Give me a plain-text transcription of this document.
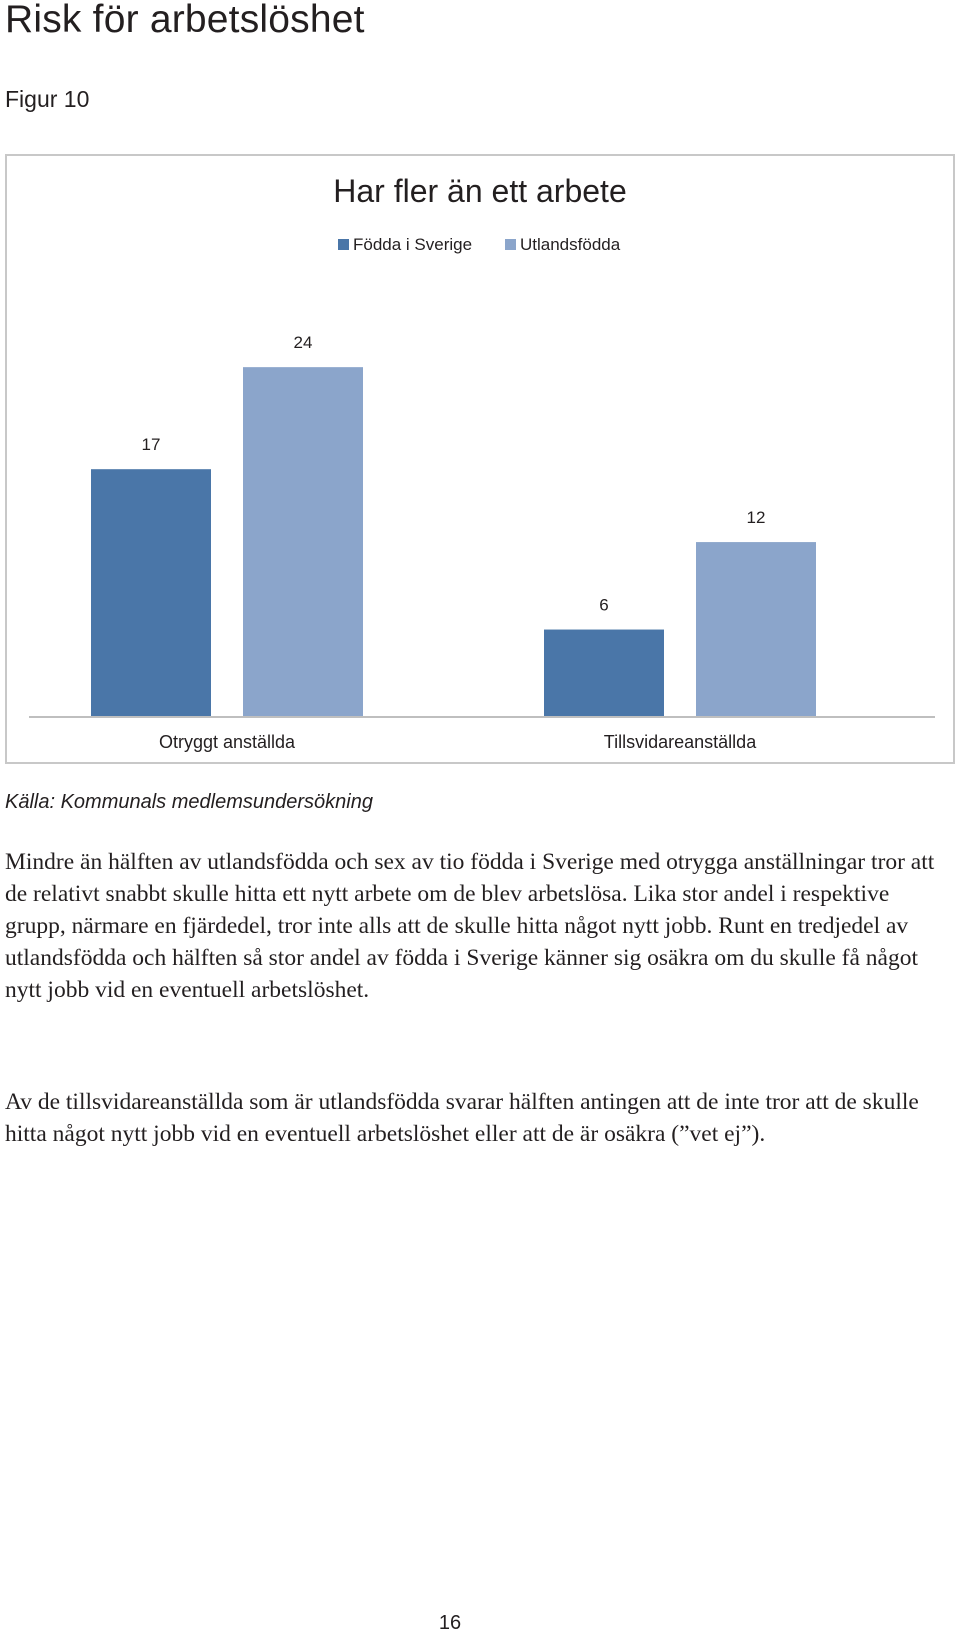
Risk för arbetslöshet
Figur 10
Har fler än ett arbete
Födda i Sverige	Utlandsfödda
17
24
Otryggt anställda
6
12
Tillsvidareanställda
Källa: Kommunals medlemsundersökning

Mindre än hälften av utlandsfödda och sex av tio födda i Sverige med otrygga anställningar tror att de relativt snabbt skulle hitta ett nytt arbete om de blev arbetslösa. Lika stor andel i respektive grupp, närmare en fjärdedel, tror inte alls att de skulle hitta något nytt jobb. Runt en tredjedel av utlandsfödda och hälften så stor andel av födda i Sverige känner sig osäkra om du skulle få något nytt jobb vid en eventuell arbetslöshet.

Av de tillsvidareanställda som är utlandsfödda svarar hälften antingen att de inte tror att de skulle hitta något nytt jobb vid en eventuell arbetslöshet eller att de är osäkra (”vet ej”).

16
